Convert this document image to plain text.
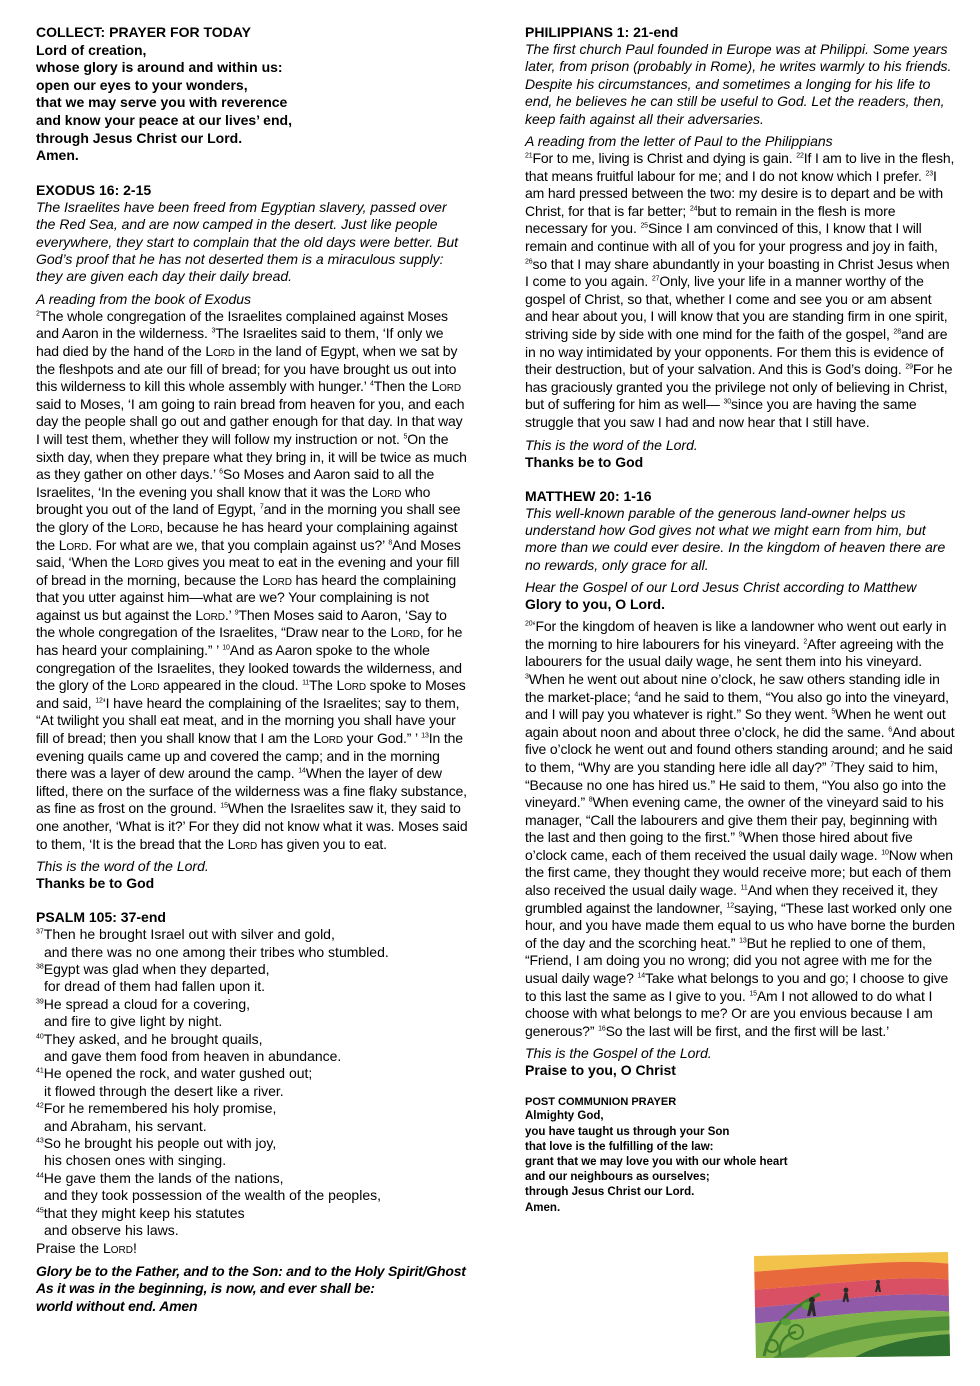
COLLECT: PRAYER FOR TODAY

Lord of creation,

whose glory is around and within us:

open our eyes to your wonders,

that we may serve you with reverence

and know your peace at our lives’ end,

through Jesus Christ our Lord.

Amen.

EXODUS 16: 2-15

The Israelites have been freed from Egyptian slavery, passed over the Red Sea, and are now camped in the desert. Just like people everywhere, they start to complain that the old days were better. But God’s proof that he has not deserted them is a miraculous supply: they are given each day their daily bread.

A reading from the book of Exodus

$^2$The whole congregation of the Israelites complained against Moses and Aaron in the wilderness. $^3$The Israelites said to them, ‘If only we had died by the hand of the Lord in the land of Egypt, when we sat by the fleshpots and ate our fill of bread; for you have brought us out into this wilderness to kill this whole assembly with hunger.’ $^4$Then the Lord said to Moses, ‘I am going to rain bread from heaven for you, and each day the people shall go out and gather enough for that day. In that way I will test them, whether they will follow my instruction or not. $^5$On the sixth day, when they prepare what they bring in, it will be twice as much as they gather on other days.’ $^6$So Moses and Aaron said to all the Israelites, ‘In the evening you shall know that it was the Lord who brought you out of the land of Egypt, $^7$and in the morning you shall see the glory of the Lord, because he has heard your complaining against the Lord. For what are we, that you complain against us?’ $^8$And Moses said, ‘When the Lord gives you meat to eat in the evening and your fill of bread in the morning, because the Lord has heard the complaining that you utter against him—what are we? Your complaining is not against us but against the Lord.’ $^9$Then Moses said to Aaron, ‘Say to the whole congregation of the Israelites, “Draw near to the Lord, for he has heard your complaining.” ’ $^{10}$And as Aaron spoke to the whole congregation of the Israelites, they looked towards the wilderness, and the glory of the Lord appeared in the cloud. $^{11}$The Lord spoke to Moses and said, $^{12}$‘I have heard the complaining of the Israelites; say to them, “At twilight you shall eat meat, and in the morning you shall have your fill of bread; then you shall know that I am the Lord your God.” ’ $^{13}$In the evening quails came up and covered the camp; and in the morning there was a layer of dew around the camp. $^{14}$When the layer of dew lifted, there on the surface of the wilderness was a fine flaky substance, as fine as frost on the ground. $^{15}$When the Israelites saw it, they said to one another, ‘What is it?’ For they did not know what it was. Moses said to them, ‘It is the bread that the Lord has given you to eat.

This is the word of the Lord.

Thanks be to God

PSALM 105: 37-end

$^{37}$Then he brought Israel out with silver and gold,

and there was no one among their tribes who stumbled.

$^{38}$Egypt was glad when they departed,

for dread of them had fallen upon it.

$^{39}$He spread a cloud for a covering,

and fire to give light by night.

$^{40}$They asked, and he brought quails,

and gave them food from heaven in abundance.

$^{41}$He opened the rock, and water gushed out;

it flowed through the desert like a river.

$^{42}$For he remembered his holy promise,

and Abraham, his servant.

$^{43}$So he brought his people out with joy,

his chosen ones with singing.

$^{44}$He gave them the lands of the nations,

and they took possession of the wealth of the peoples,

$^{45}$that they might keep his statutes

and observe his laws.

Praise the Lord!

Glory be to the Father, and to the Son: and to the Holy Spirit/Ghost

As it was in the beginning, is now, and ever shall be:

world without end. Amen

PHILIPPIANS 1: 21-end

The first church Paul founded in Europe was at Philippi. Some years later, from prison (probably in Rome), he writes warmly to his friends. Despite his circumstances, and sometimes a longing for his life to end, he believes he can still be useful to God. Let the readers, then, keep faith against all their adversaries.

A reading from the letter of Paul to the Philippians

$^{21}$For to me, living is Christ and dying is gain. $^{22}$If I am to live in the flesh, that means fruitful labour for me; and I do not know which I prefer. $^{23}$I am hard pressed between the two: my desire is to depart and be with Christ, for that is far better; $^{24}$but to remain in the flesh is more necessary for you. $^{25}$Since I am convinced of this, I know that I will remain and continue with all of you for your progress and joy in faith, $^{26}$so that I may share abundantly in your boasting in Christ Jesus when I come to you again. $^{27}$Only, live your life in a manner worthy of the gospel of Christ, so that, whether I come and see you or am absent and hear about you, I will know that you are standing firm in one spirit, striving side by side with one mind for the faith of the gospel, $^{28}$and are in no way intimidated by your opponents. For them this is evidence of their destruction, but of your salvation. And this is God’s doing. $^{29}$For he has graciously granted you the privilege not only of believing in Christ, but of suffering for him as well— $^{30}$since you are having the same struggle that you saw I had and now hear that I still have.

This is the word of the Lord.

Thanks be to God

MATTHEW 20: 1-16

This well-known parable of the generous land-owner helps us understand how God gives not what we might earn from him, but more than we could ever desire. In the kingdom of heaven there are no rewards, only grace for all.

Hear the Gospel of our Lord Jesus Christ according to Matthew

Glory to you, O Lord.

$^{20}$‘For the kingdom of heaven is like a landowner who went out early in the morning to hire labourers for his vineyard. $^2$After agreeing with the labourers for the usual daily wage, he sent them into his vineyard. $^3$When he went out about nine o’clock, he saw others standing idle in the market-place; $^4$and he said to them, “You also go into the vineyard, and I will pay you whatever is right.” So they went. $^5$When he went out again about noon and about three o’clock, he did the same. $^6$And about five o’clock he went out and found others standing around; and he said to them, “Why are you standing here idle all day?” $^7$They said to him, “Because no one has hired us.” He said to them, “You also go into the vineyard.” $^8$When evening came, the owner of the vineyard said to his manager, “Call the labourers and give them their pay, beginning with the last and then going to the first.” $^9$When those hired about five o’clock came, each of them received the usual daily wage. $^{10}$Now when the first came, they thought they would receive more; but each of them also received the usual daily wage. $^{11}$And when they received it, they grumbled against the landowner, $^{12}$saying, “These last worked only one hour, and you have made them equal to us who have borne the burden of the day and the scorching heat.” $^{13}$But he replied to one of them, “Friend, I am doing you no wrong; did you not agree with me for the usual daily wage? $^{14}$Take what belongs to you and go; I choose to give to this last the same as I give to you. $^{15}$Am I not allowed to do what I choose with what belongs to me? Or are you envious because I am generous?” $^{16}$So the last will be first, and the first will be last.’

This is the Gospel of the Lord.

Praise to you, O Christ

POST COMMUNION PRAYER

Almighty God,

you have taught us through your Son

that love is the fulfilling of the law:

grant that we may love you with our whole heart

and our neighbours as ourselves;

through Jesus Christ our Lord.

Amen.
